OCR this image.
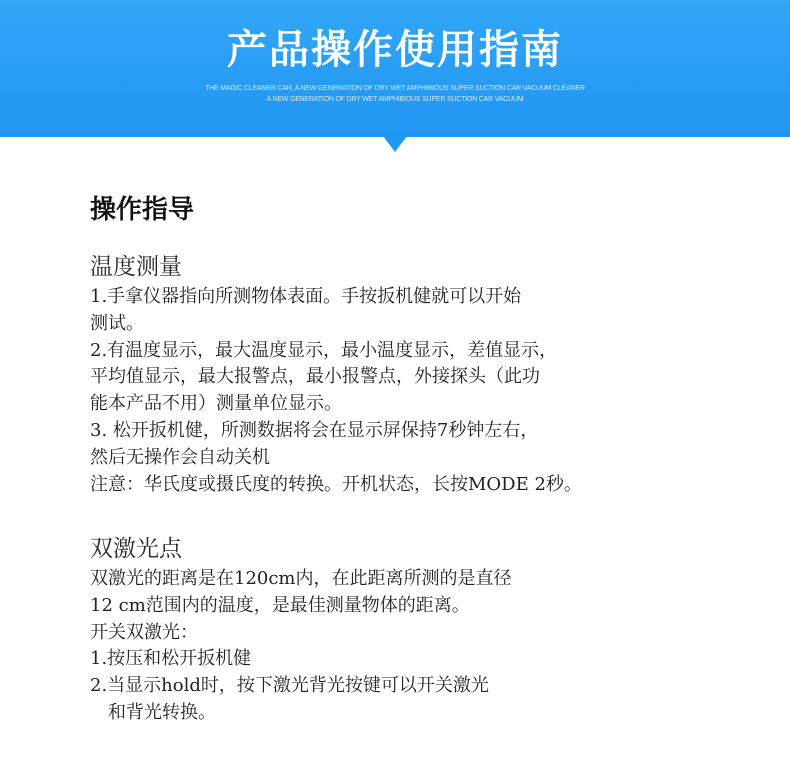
产品操作使用指南
THE MAGIC CLEANER CAR, A NEW GENERATION OF DRY WET AMPHIBIOUS SUPER SUCTION CAR VACUUM CLEANER
A NEW GENERATION OF DRY WET AMPHIBIOUS SUPER SUCTION CAR VACUUM
操作指导
温度测量
1.手拿仪器指向所测物体表面。手按扳机健就可以开始
测试。
2.有温度显示，最大温度显示，最小温度显示，差值显示，
平均值显示，最大报警点，最小报警点，外接探头（此功
能本产品不用）测量单位显示。
3. 松开扳机健，所测数据将会在显示屏保持7秒钟左右，
然后无操作会自动关机
注意：华氏度或摄氏度的转换。开机状态，长按MODE 2秒。
双激光点
双激光的距离是在120cm内，在此距离所测的是直径
12 cm范围内的温度，是最佳测量物体的距离。
开关双激光：
1.按压和松开扳机健
2.当显示hold时，按下激光背光按键可以开关激光
和背光转换。
